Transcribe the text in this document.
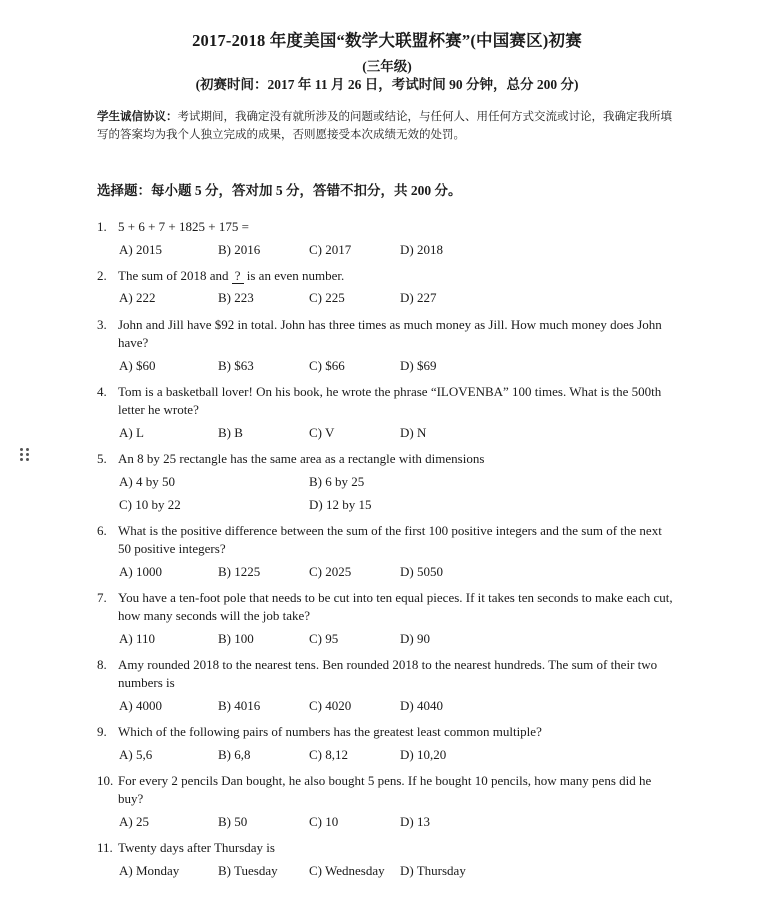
2017-2018 年度美国“数学大联盟杯赛”(中国赛区)初赛
(三年级)
(初赛时间：2017 年 11 月 26 日，考试时间 90 分钟，总分 200 分)
学生诚信协议：考试期间，我确定没有就所涉及的问题或结论，与任何人、用任何方式交流或讨论，我确定我所填写的答案均为我个人独立完成的成果，否则愿接受本次成绩无效的处罚。
选择题：每小题 5 分，答对加 5 分，答错不扣分，共 200 分。
1. 5 + 6 + 7 + 1825 + 175 =
A) 2015	B) 2016	C) 2017	D) 2018
2. The sum of 2018 and ? is an even number.
A) 222	B) 223	C) 225	D) 227
3. John and Jill have $92 in total. John has three times as much money as Jill. How much money does John have?
A) $60	B) $63	C) $66	D) $69
4. Tom is a basketball lover! On his book, he wrote the phrase “ILOVENBA” 100 times. What is the 500th letter he wrote?
A) L	B) B	C) V	D) N
5. An 8 by 25 rectangle has the same area as a rectangle with dimensions
A) 4 by 50	B) 6 by 25
C) 10 by 22	D) 12 by 15
6. What is the positive difference between the sum of the first 100 positive integers and the sum of the next 50 positive integers?
A) 1000	B) 1225	C) 2025	D) 5050
7. You have a ten-foot pole that needs to be cut into ten equal pieces. If it takes ten seconds to make each cut, how many seconds will the job take?
A) 110	B) 100	C) 95	D) 90
8. Amy rounded 2018 to the nearest tens. Ben rounded 2018 to the nearest hundreds. The sum of their two numbers is
A) 4000	B) 4016	C) 4020	D) 4040
9. Which of the following pairs of numbers has the greatest least common multiple?
A) 5,6	B) 6,8	C) 8,12	D) 10,20
10. For every 2 pencils Dan bought, he also bought 5 pens. If he bought 10 pencils, how many pens did he buy?
A) 25	B) 50	C) 10	D) 13
11. Twenty days after Thursday is
A) Monday	B) Tuesday C) Wednesday D) Thursday
